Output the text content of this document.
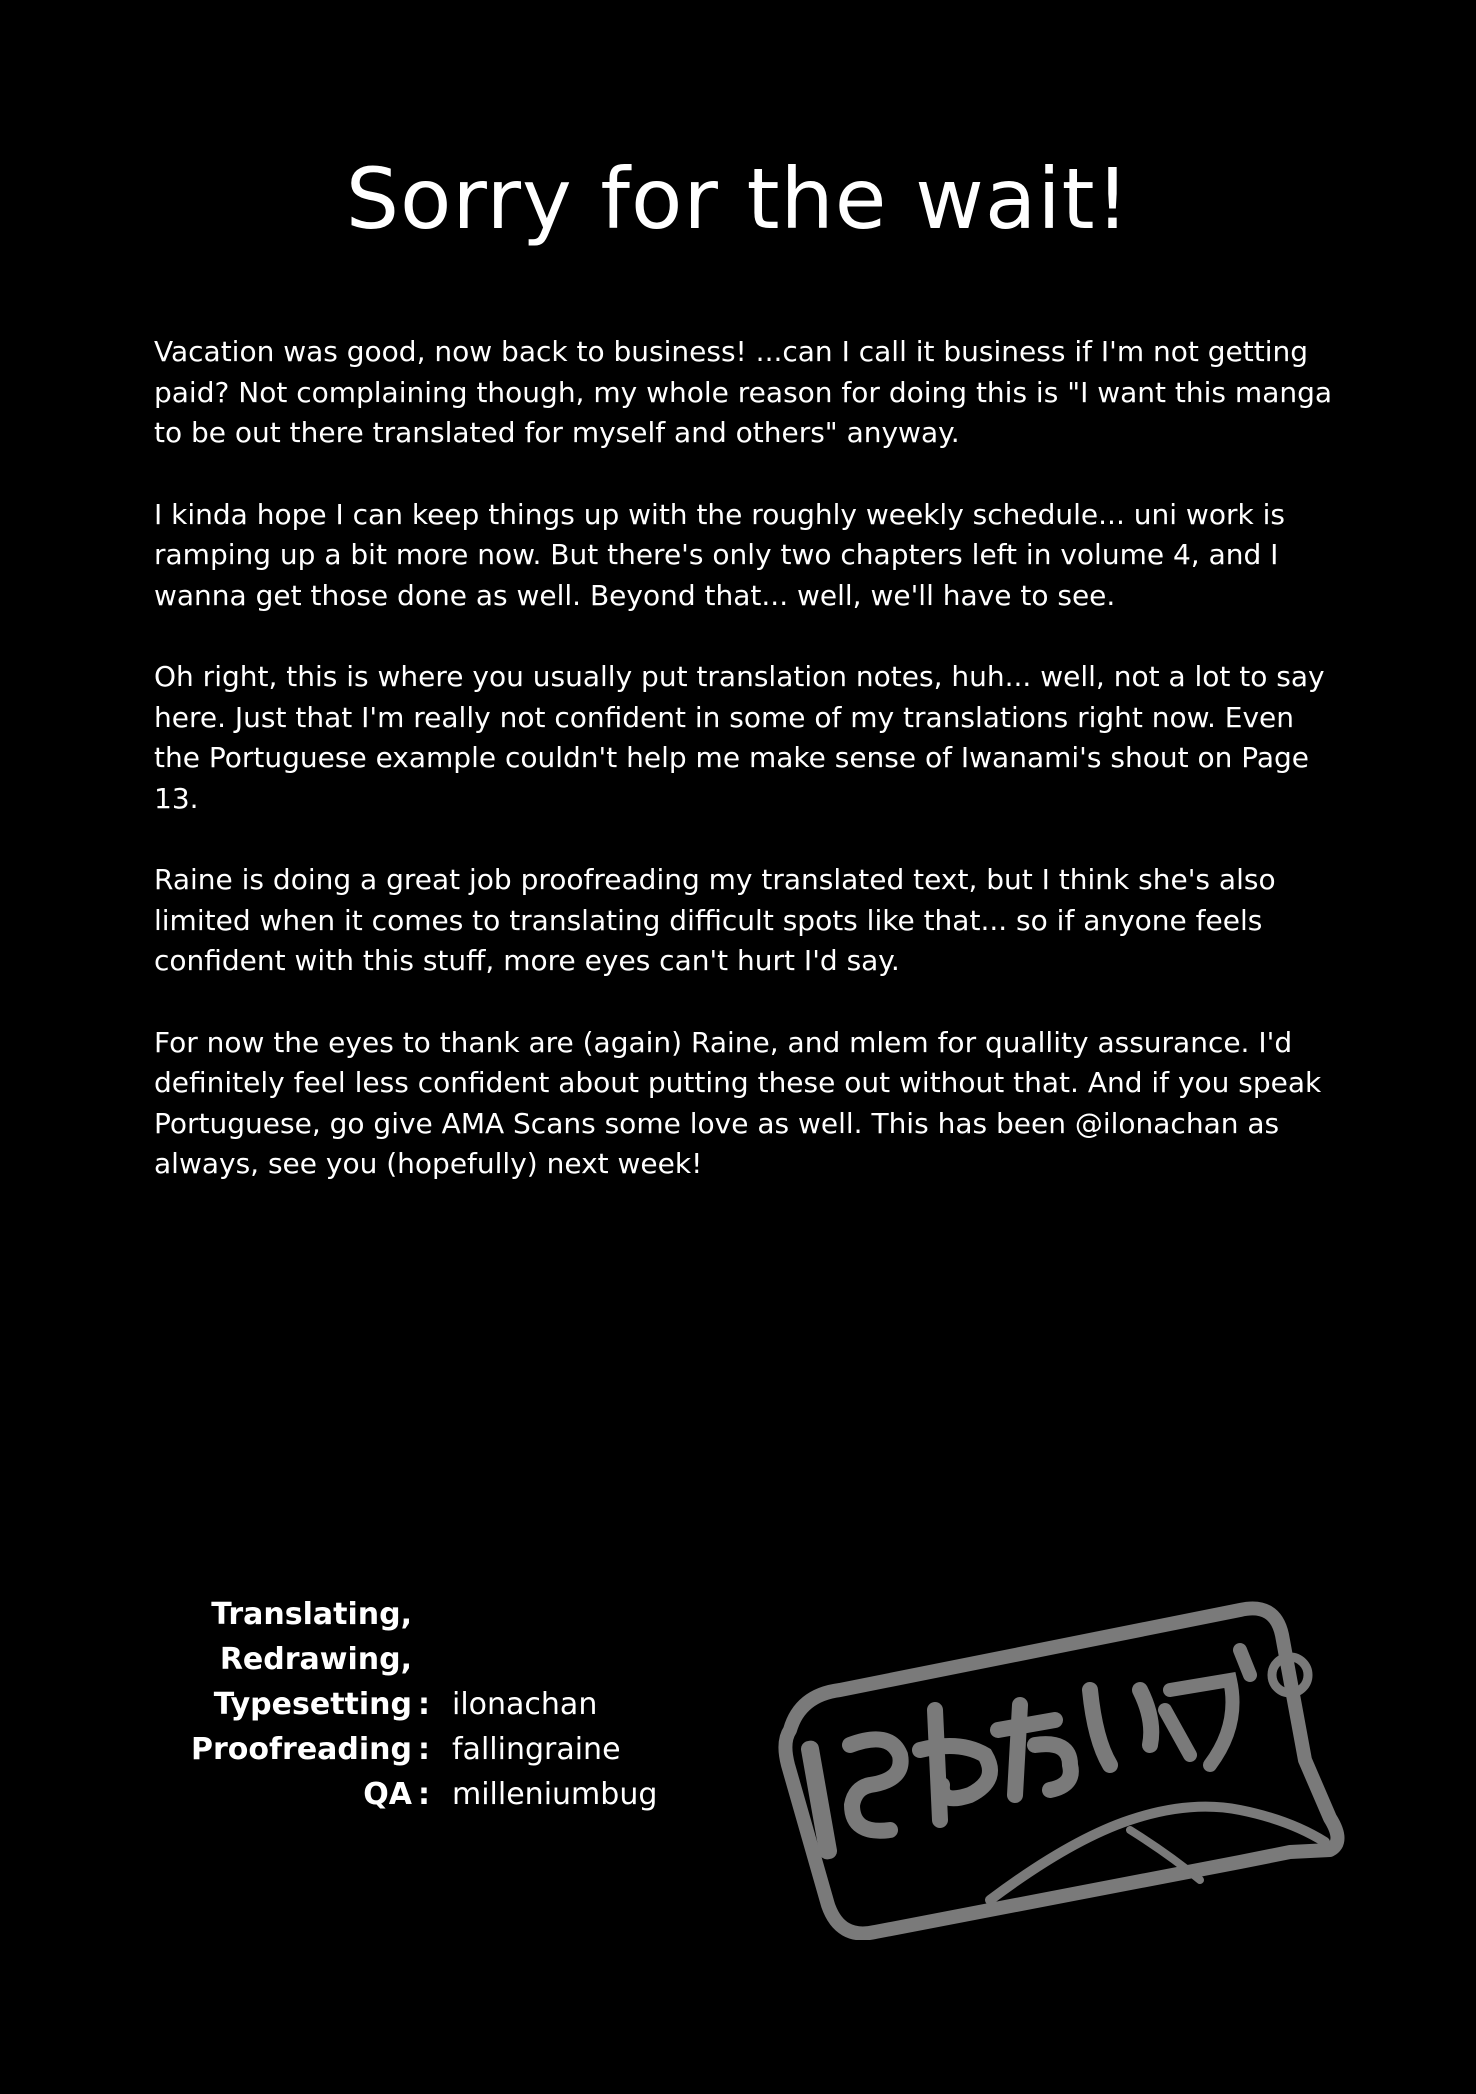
Sorry for the wait!

Vacation was good, now back to business! ...can I call it business if I'm not getting paid? Not complaining though, my whole reason for doing this is "I want this manga to be out there translated for myself and others" anyway.

I kinda hope I can keep things up with the roughly weekly schedule... uni work is ramping up a bit more now. But there's only two chapters left in volume 4, and I wanna get those done as well. Beyond that... well, we'll have to see.

Oh right, this is where you usually put translation notes, huh... well, not a lot to say here. Just that I'm really not confident in some of my translations right now. Even the Portuguese example couldn't help me make sense of Iwanami's shout on Page 13.

Raine is doing a great job proofreading my translated text, but I think she's also limited when it comes to translating difficult spots like that... so if anyone feels confident with this stuff, more eyes can't hurt I'd say.

For now the eyes to thank are (again) Raine, and mlem for quallity assurance. I'd definitely feel less confident about putting these out without that. And if you speak Portuguese, go give AMA Scans some love as well. This has been @ilonachan as always, see you (hopefully) next week!

Translating,
Redrawing,
Typesetting : ilonachan
Proofreading : fallingraine
QA : milleniumbug
